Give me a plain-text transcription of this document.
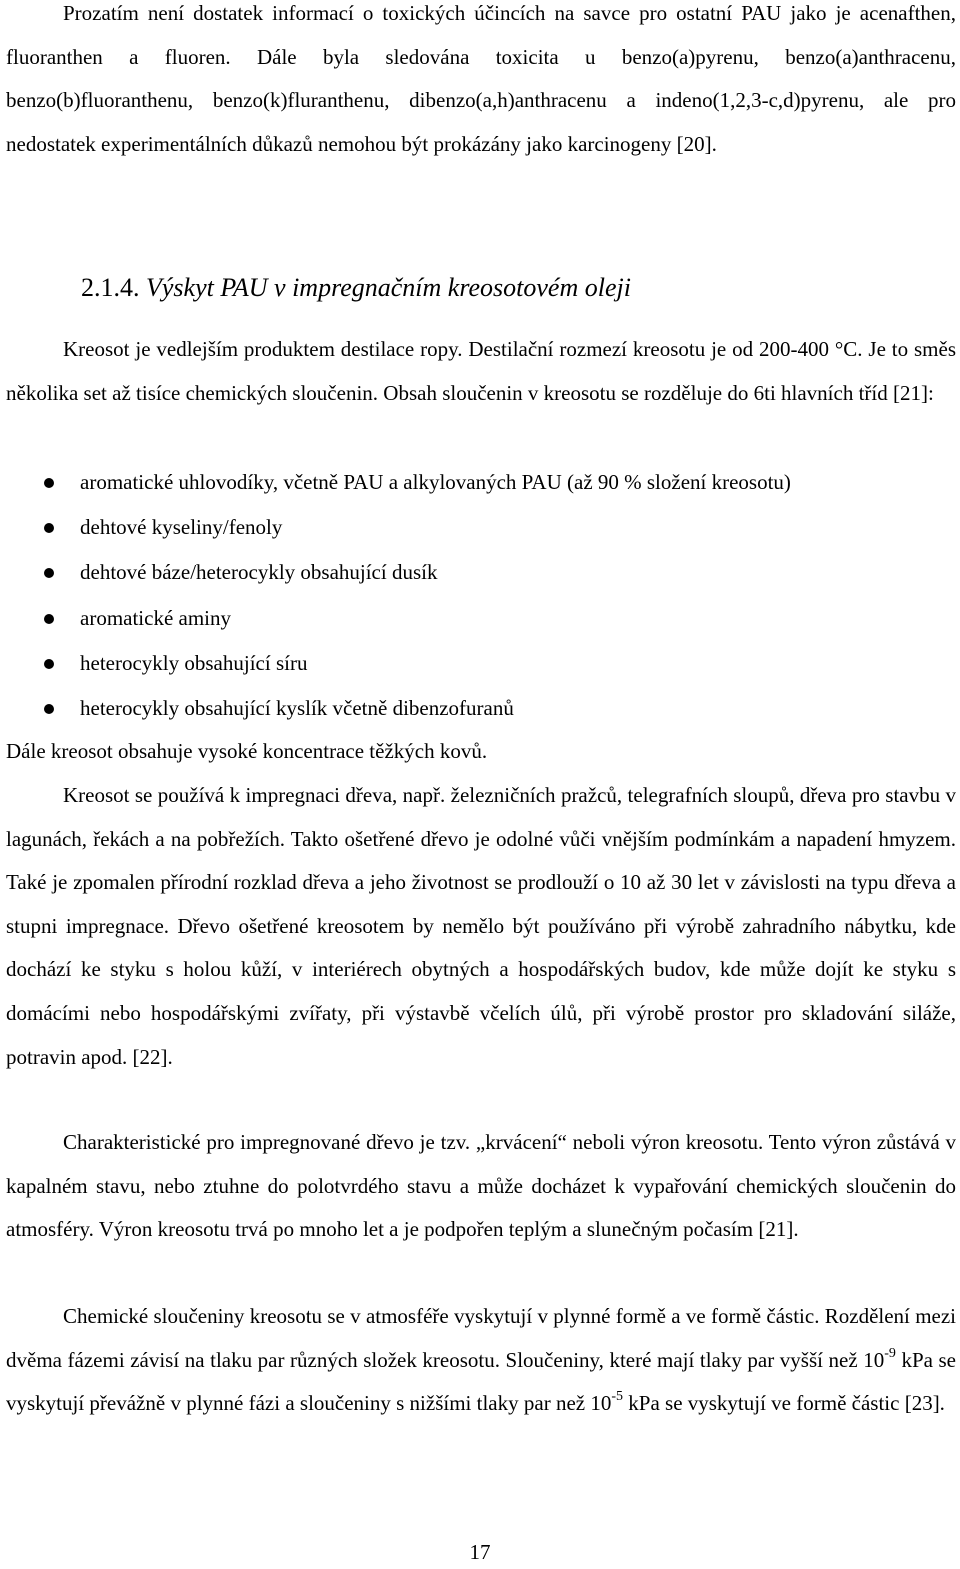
Prozatím není dostatek informací o toxických účincích na savce pro ostatní PAU jako je acenafthen, fluoranthen a fluoren. Dále byla sledována toxicita u benzo(a)pyrenu, benzo(a)anthracenu, benzo(b)fluoranthenu, benzo(k)fluranthenu, dibenzo(a,h)anthracenu a indeno(1,2,3-c,d)pyrenu, ale pro nedostatek experimentálních důkazů nemohou být prokázány jako karcinogeny [20].

2.1.4. Výskyt PAU v impregnačním kreosotovém oleji

Kreosot je vedlejším produktem destilace ropy. Destilační rozmezí kreosotu je od 200-400 °C. Je to směs několika set až tisíce chemických sloučenin. Obsah sloučenin v kreosotu se rozděluje do 6ti hlavních tříd [21]:

aromatické uhlovodíky, včetně PAU a alkylovaných PAU (až 90 % složení kreosotu)
dehtové kyseliny/fenoly
dehtové báze/heterocykly obsahující dusík
aromatické aminy
heterocykly obsahující síru
heterocykly obsahující kyslík včetně dibenzofuranů

Dále kreosot obsahuje vysoké koncentrace těžkých kovů.

Kreosot se používá k impregnaci dřeva, např. železničních pražců, telegrafních sloupů, dřeva pro stavbu v lagunách, řekách a na pobřežích. Takto ošetřené dřevo je odolné vůči vnějším podmínkám a napadení hmyzem. Také je zpomalen přírodní rozklad dřeva a jeho životnost se prodlouží o 10 až 30 let v závislosti na typu dřeva a stupni impregnace. Dřevo ošetřené kreosotem by nemělo být používáno při výrobě zahradního nábytku, kde dochází ke styku s holou kůží, v interiérech obytných a hospodářských budov, kde může dojít ke styku s domácími nebo hospodářskými zvířaty, při výstavbě včelích úlů, při výrobě prostor pro skladování siláže, potravin apod. [22].

Charakteristické pro impregnované dřevo je tzv. „krvácení“ neboli výron kreosotu. Tento výron zůstává v kapalném stavu, nebo ztuhne do polotvrdého stavu a může docházet k vypařování chemických sloučenin do atmosféry. Výron kreosotu trvá po mnoho let a je podpořen teplým a slunečným počasím [21].

Chemické sloučeniny kreosotu se v atmosféře vyskytují v plynné formě a ve formě částic. Rozdělení mezi dvěma fázemi závisí na tlaku par různých složek kreosotu. Sloučeniny, které mají tlaky par vyšší než $10^{-9}$ kPa se vyskytují převážně v plynné fázi a sloučeniny s nižšími tlaky par než $10^{-5}$ kPa se vyskytují ve formě částic [23].

17
